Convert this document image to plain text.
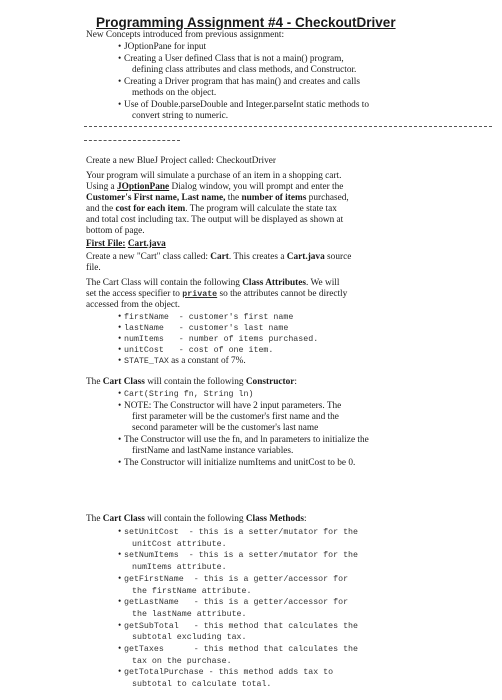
Programming Assignment #4 - CheckoutDriver
New Concepts introduced from previous assignment:
• JOptionPane for input
• Creating a User defined Class that is not a main() program,
defining class attributes and class methods, and Constructor.
• Creating a Driver program that has main() and creates and calls
methods on the object.
• Use of Double.parseDouble and Integer.parseInt static methods to
convert string to numeric.
Create a new BlueJ Project called: CheckoutDriver
Your program will simulate a purchase of an item in a shopping cart.
Using a JOptionPane Dialog window, you will prompt and enter the
Customer's First name, Last name, the number of items purchased,
and the cost for each item. The program will calculate the state tax
and total cost including tax. The output will be displayed as shown at
bottom of page.
First File: Cart.java
Create a new "Cart" class called: Cart. This creates a Cart.java source
file.
The Cart Class will contain the following Class Attributes. We will
set the access specifier to private so the attributes cannot be directly
accessed from the object.
• firstName  - customer's first name
• lastName   - customer's last name
• numItems   - number of items purchased.
• unitCost   - cost of one item.
• STATE_TAX as a constant of 7%.
The Cart Class will contain the following Constructor:
• Cart(String fn, String ln)
• NOTE: The Constructor will have 2 input parameters. The
first parameter will be the customer's first name and the
second parameter will be the customer's last name
• The Constructor will use the fn, and ln parameters to initialize the
firstName and lastName instance variables.
• The Constructor will initialize numItems and unitCost to be 0.
The Cart Class will contain the following Class Methods:
• setUnitCost  - this is a setter/mutator for the
unitCost attribute.
• setNumItems  - this is a setter/mutator for the
numItems attribute.
• getFirstName  - this is a getter/accessor for
the firstName attribute.
• getLastName   - this is a getter/accessor for
the lastName attribute.
• getSubTotal   - this method that calculates the
subtotal excluding tax.
• getTaxes      - this method that calculates the
tax on the purchase.
• getTotalPurchase - this method adds tax to
subtotal to calculate total.
